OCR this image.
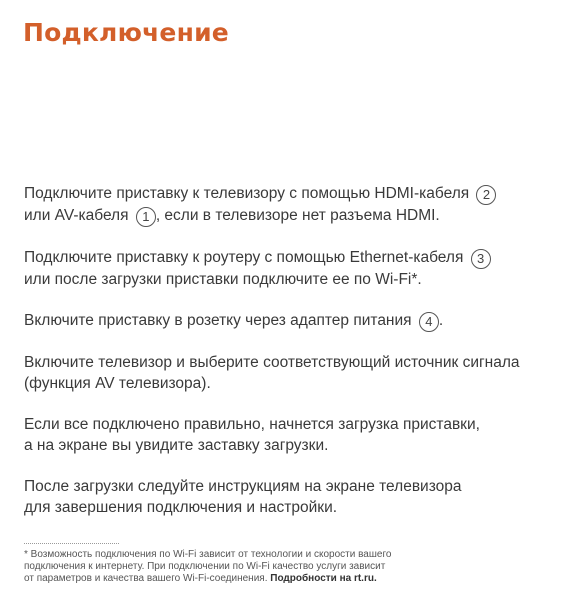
Подключение

Подключите приставку к телевизору с помощью HDMI-кабеля 2
или AV-кабеля 1 , если в телевизоре нет разъема HDMI.

Подключите приставку к роутеру с помощью Ethernet-кабеля 3
или после загрузки приставки подключите ее по Wi-Fi*.

Включите приставку в розетку через адаптер питания 4 .

Включите телевизор и выберите соответствующий источник сигнала
(функция AV телевизора).

Если все подключено правильно, начнется загрузка приставки,
а на экране вы увидите заставку загрузки.

После загрузки следуйте инструкциям на экране телевизора
для завершения подключения и настройки.

* Возможность подключения по Wi-Fi зависит от технологии и скорости вашего
подключения к интернету. При подключении по Wi-Fi качество услуги зависит
от параметров и качества вашего Wi-Fi-соединения. Подробности на rt.ru.
